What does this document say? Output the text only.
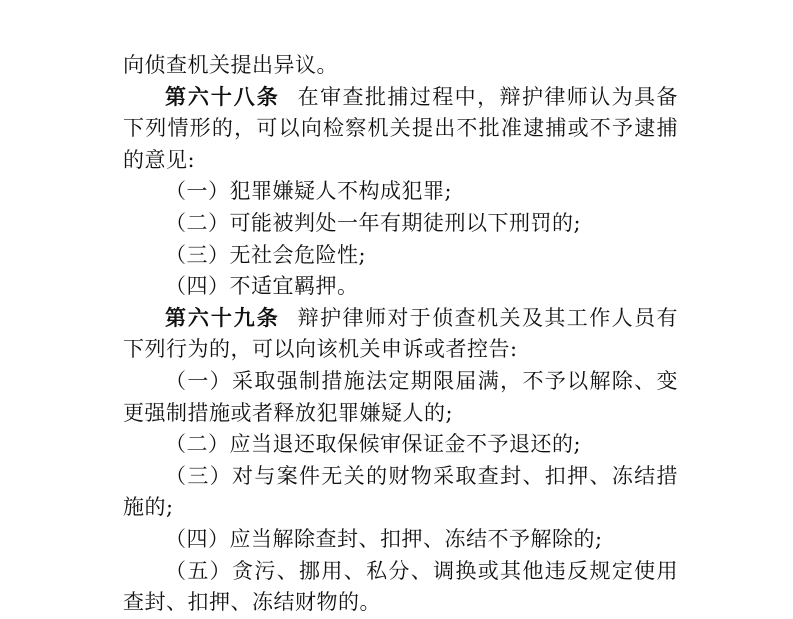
向侦查机关提出异议。
第六十八条 在审查批捕过程中，辩护律师认为具备
下列情形的，可以向检察机关提出不批准逮捕或不予逮捕
的意见:
（一）犯罪嫌疑人不构成犯罪;
（二）可能被判处一年有期徒刑以下刑罚的;
（三）无社会危险性;
（四）不适宜羁押。
第六十九条 辩护律师对于侦查机关及其工作人员有
下列行为的，可以向该机关申诉或者控告:
（一）采取强制措施法定期限届满，不予以解除、变
更强制措施或者释放犯罪嫌疑人的;
（二）应当退还取保候审保证金不予退还的;
（三）对与案件无关的财物采取查封、扣押、冻结措
施的;
（四）应当解除查封、扣押、冻结不予解除的;
（五）贪污、挪用、私分、调换或其他违反规定使用
查封、扣押、冻结财物的。
